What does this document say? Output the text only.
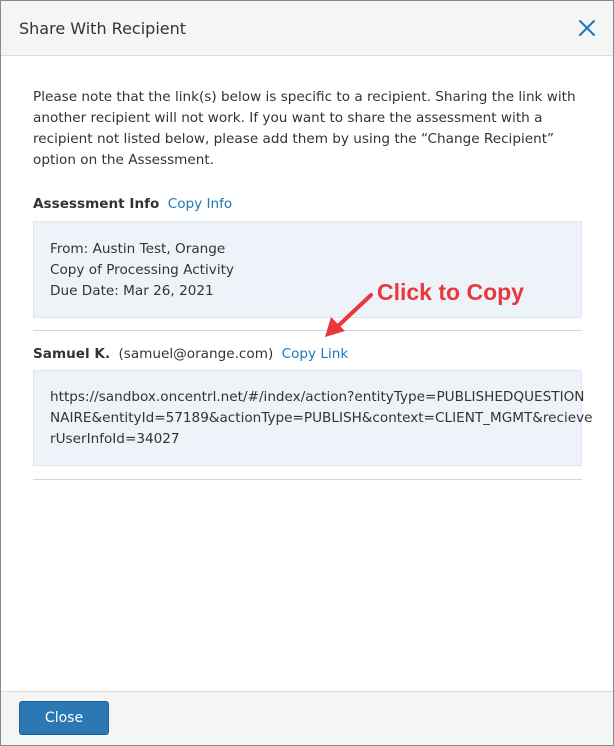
Share With Recipient
Please note that the link(s) below is specific to a recipient. Sharing the link with another recipient will not work. If you want to share the assessment with a recipient not listed below, please add them by using the “Change Recipient” option on the Assessment.
Assessment Info Copy Info
From: Austin Test, Orange
Copy of Processing Activity
Due Date: Mar 26, 2021
Samuel K. (samuel@orange.com) Copy Link
https://sandbox.oncentrl.net/#/index/action?entityType=PUBLISHEDQUESTION
NAIRE&entityId=57189&actionType=PUBLISH&context=CLIENT_MGMT&recieve
rUserInfoId=34027
Click to Copy
Close
